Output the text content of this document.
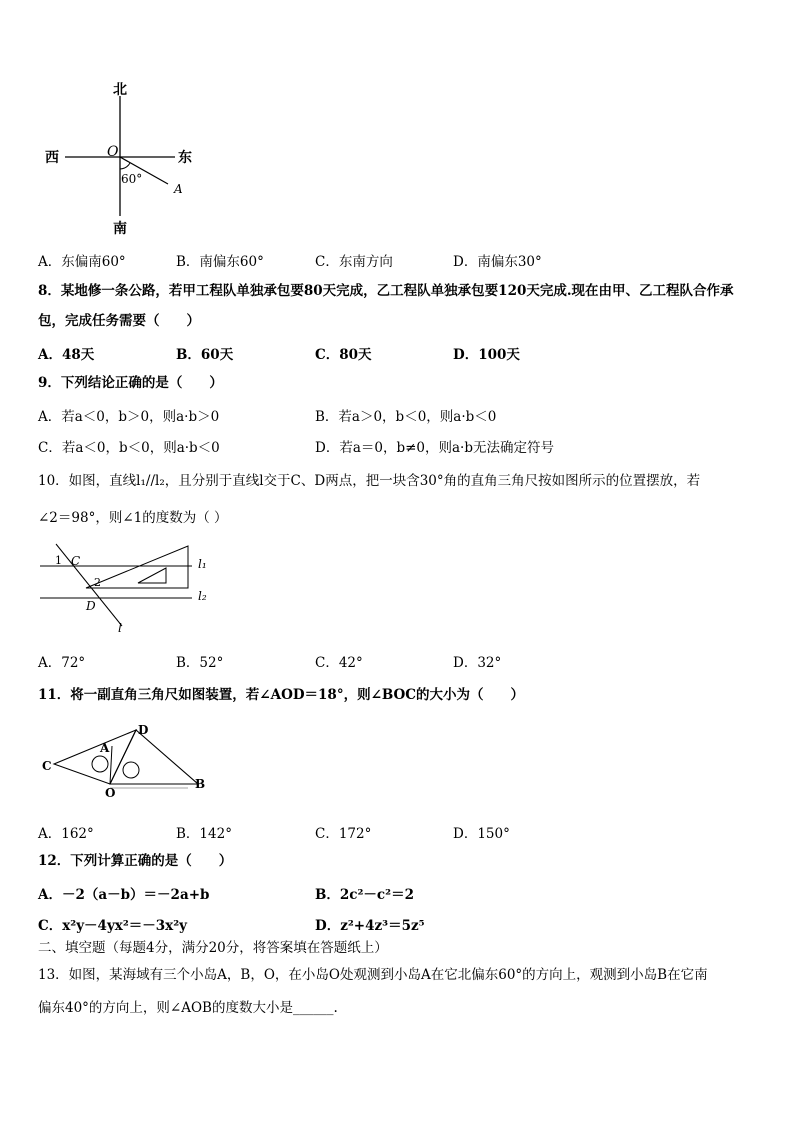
北
南
西	东
O
60°
A
A．东偏南60°	B．南偏东60°	C．东南方向	D．南偏东30°
8．某地修一条公路，若甲工程队单独承包要80天完成，乙工程队单独承包要120天完成.现在由甲、乙工程队合作承
包，完成任务需要（　　）
A．48天	B．60天	C．80天	D．100天
9．下列结论正确的是（　　）
A．若a＜0，b＞0，则a·b＞0	B．若a＞0，b＜0，则a·b＜0
C．若a＜0，b＜0，则a·b＜0	D．若a＝0，b≠0，则a·b无法确定符号
10．如图，直线l₁//l₂，且分别于直线l交于C、D两点，把一块含30°角的直角三角尺按如图所示的位置摆放，若
∠2＝98°，则∠1的度数为（ ）
1 C
2
D
l₁
l₂
l
A．72°	B．52°	C．42°	D．32°
11．将一副直角三角尺如图装置，若∠AOD＝18°，则∠BOC的大小为（　　）
C
A
D
O
B
A．162°	B．142°	C．172°	D．150°
12．下列计算正确的是（　　）
A．－2（a－b）＝－2a+b	B．2c²－c²＝2
C．x²y－4yx²＝－3x²y	D．z²+4z³＝5z⁵
二、填空题（每题4分，满分20分，将答案填在答题纸上）
13．如图，某海域有三个小岛A，B，O，在小岛O处观测到小岛A在它北偏东60°的方向上，观测到小岛B在它南
偏东40°的方向上，则∠AOB的度数大小是______.
